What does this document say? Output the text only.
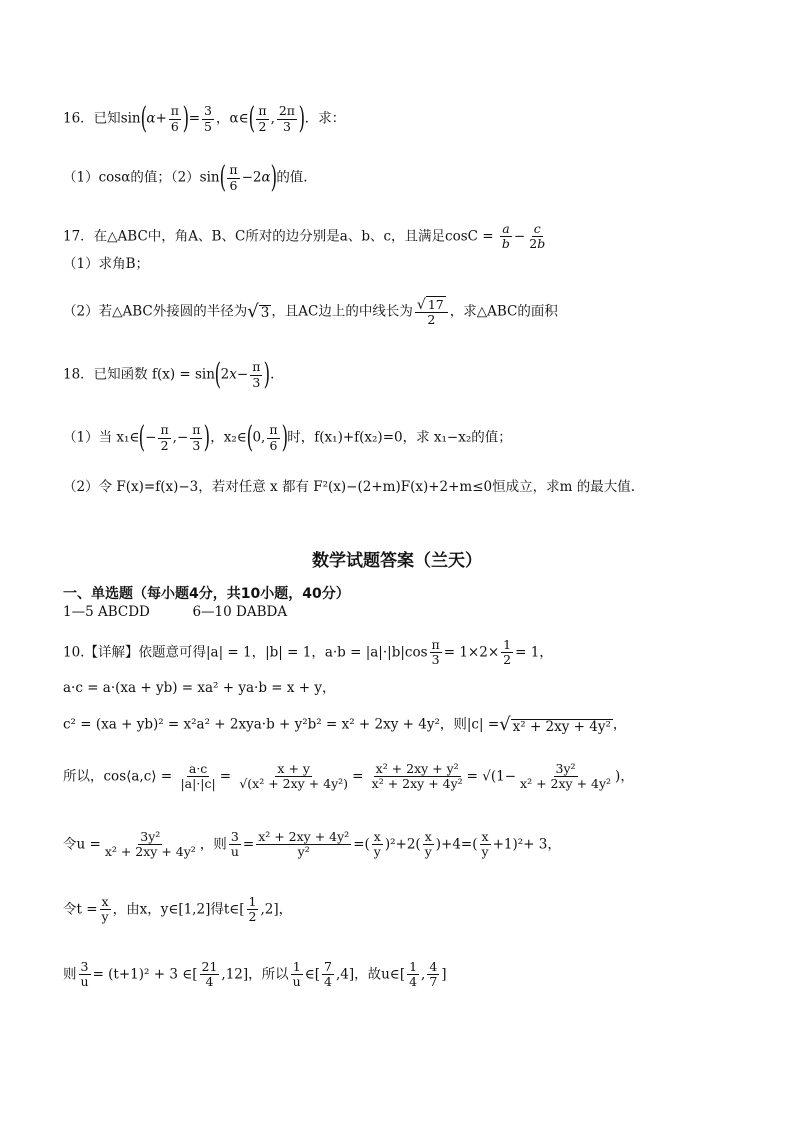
16．已知$\sin(\alpha+ \frac{\pi}{6}$ )= $\frac{3}{5}$ ，α∈( $\frac{\pi}{2}$ , $\frac{2\pi}{3}$ )．求：
（1）cosα的值；$(2)\sin( \frac{\pi}{6} -2\alpha)$的值.
17．在△ABC中，角A、B、C所对的边分别是a、b、c，且满足$\cos C = \frac{a}{b} - \frac{c}{2b}$
（1）求角B；
（2）若△ABC外接圆的半径为 √ 3 ，且AC边上的中线长为 $\frac{√ 17}{2}$ ，求△ABC的面积
18．已知函数 $f(x) = \sin(2x- \frac{\pi}{3}$ ).
（1）当 x₁∈(− $\frac{\pi}{2}$ ,− $\frac{\pi}{3}$ )，x₂∈(0, $\frac{\pi}{6}$ )时，f(x₁)+f(x₂)=0，求 x₁−x₂的值；
（2）令 F(x)=f(x)−3，若对任意 x 都有 F²(x)−(2+m)F(x)+2+m≤0恒成立，求m 的最大值.
数学试题答案（兰天）
一、单选题（每小题4分，共10小题，40分）
1—5 ABCDD	6—10 DABDA
10.【详解】依题意可得|a| = 1，|b| = 1，$a\cdot b = |a|\cdot|b|\cos \frac{\pi}{3} = 1\times 2\times \frac{1}{2} = 1$，
a·c = a·(xa + yb) = xa² + ya·b = x + y，
c² = (xa + yb)² = x²a² + 2xya·b + y²b² = x² + 2xy + 4y²，则|c| = √ x² + 2xy + 4y² ，
所以，cos⟨a,c⟩ = $\frac{a\cdot c}{|a|\cdot|c|} = \frac{x + y}{\text{√(x² + 2xy + 4y²)}} = \frac{\text{x² + 2xy + y²}}{\text{x² + 2xy + 4y²}} = √(1- \frac{\text{3y²}}{\text{x² + 2xy + 4y²}}$ )，
令$u = \frac{\text{3y²}}{\text{x² + 2xy + 4y²}}$ ，则 $\frac{3}{u} = \frac{\text{x² + 2xy + 4y²}}{\text{y²}}$ =( $\frac{x}{y} )^2+2( \frac{x}{y} )+4=( \frac{x}{y} +1)^2+ 3$，
令$t = \frac{x}{y}$ ，由x，y∈[1,2]得t∈[ $\frac{1}{2} ,2$]，
则 $\frac{3}{u} = (t+1)^2 + 3$ ∈[ $\frac{21}{4} ,12$]，所以 $\frac{1}{u}$ ∈[ $\frac{7}{4} ,4$]，故u∈[ $\frac{1}{4}$ , $\frac{4}{7}$ ]
